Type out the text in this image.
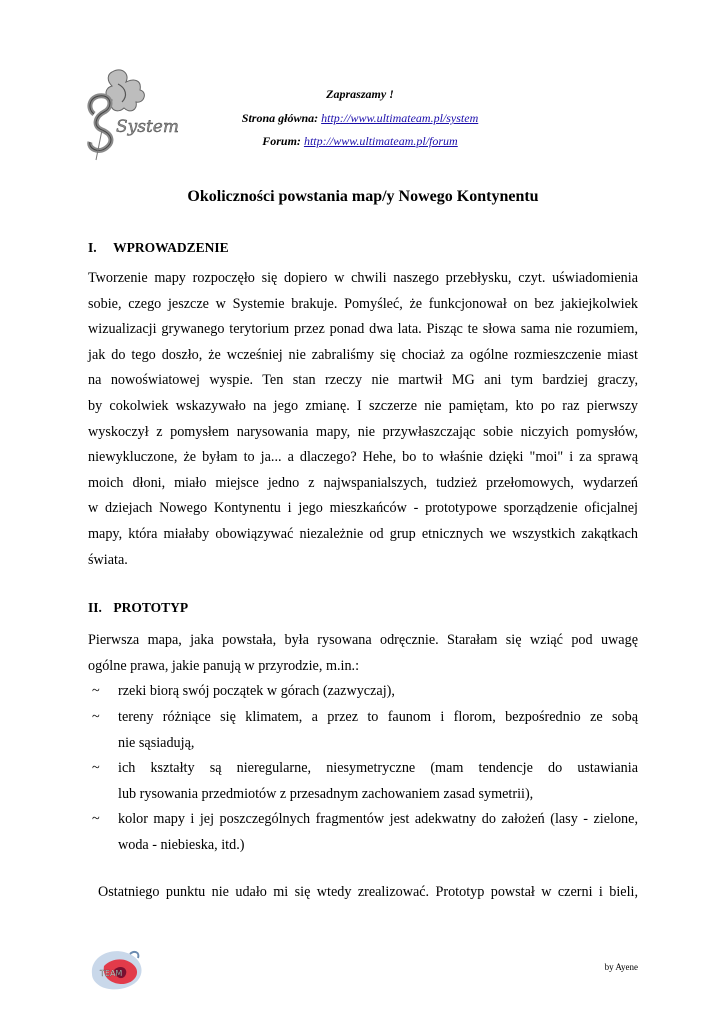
System
Zapraszamy !
Strona główna: http://www.ultimateam.pl/system
Forum: http://www.ultimateam.pl/forum
Okoliczności powstania map/y Nowego Kontynentu
I. WPROWADZENIE
Tworzenie mapy rozpoczęło się dopiero w chwili naszego przebłysku, czyt. uświadomienia
sobie, czego jeszcze w Systemie brakuje. Pomyśleć, że funkcjonował on bez jakiejkolwiek
wizualizacji grywanego terytorium przez ponad dwa lata. Pisząc te słowa sama nie rozumiem,
jak do tego doszło, że wcześniej nie zabraliśmy się chociaż za ogólne rozmieszczenie miast
na nowoświatowej wyspie. Ten stan rzeczy nie martwił MG ani tym bardziej graczy,
by cokolwiek wskazywało na jego zmianę. I szczerze nie pamiętam, kto po raz pierwszy
wyskoczył z pomysłem narysowania mapy, nie przywłaszczając sobie niczyich pomysłów,
niewykluczone, że byłam to ja... a dlaczego? Hehe, bo to właśnie dzięki "moi" i za sprawą
moich dłoni, miało miejsce jedno z najwspanialszych, tudzież przełomowych, wydarzeń
w dziejach Nowego Kontynentu i jego mieszkańców - prototypowe sporządzenie oficjalnej
mapy, która miałaby obowiązywać niezależnie od grup etnicznych we wszystkich zakątkach
świata.
II. PROTOTYP
Pierwsza mapa, jaka powstała, była rysowana odręcznie. Starałam się wziąć pod uwagę
ogólne prawa, jakie panują w przyrodzie, m.in.:
~	rzeki biorą swój początek w górach (zazwyczaj),
~	tereny różniące się klimatem, a przez to faunom i florom, bezpośrednio ze sobą
nie sąsiadują,
~	ich kształty są nieregularne, niesymetryczne (mam tendencje do ustawiania
lub rysowania przedmiotów z przesadnym zachowaniem zasad symetrii),
~	kolor mapy i jej poszczególnych fragmentów jest adekwatny do założeń (lasy - zielone,
woda - niebieska, itd.)
Ostatniego punktu nie udało mi się wtedy zrealizować. Prototyp powstał w czerni i bieli,
TEAM
by Ayene
